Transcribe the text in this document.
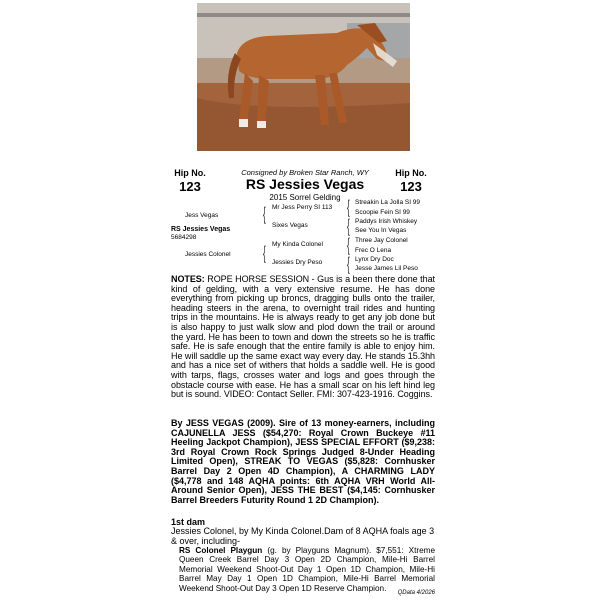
Hip No.
123
Hip No.
123
Consigned by Broken Star Ranch, WY
RS Jessies Vegas
2015 Sorrel Gelding
Jess Vegas
RS Jessies Vegas
5684298
Jessies Colonel
{ Mr Jess Perry SI 113
Sixes Vegas
{ My Kinda Colonel
Jessies Dry Peso
{ Streakin La Jolla SI 99
Scoopie Fein SI 99
{ Paddys Irish Whiskey
See You In Vegas
{ Three Jay Colonel
Frec O Lena
{ Lynx Dry Doc
Jesse James Lil Peso
NOTES: ROPE HORSE SESSION - Gus is a been there done that kind of gelding, with a very extensive resume. He has done everything from picking up broncs, dragging bulls onto the trailer, heading steers in the arena, to overnight trail rides and hunting trips in the mountains. He is always ready to get any job done but is also happy to just walk slow and plod down the trail or around the yard. He has been to town and down the streets so he is traffic safe. He is safe enough that the entire family is able to enjoy him. He will saddle up the same exact way every day. He stands 15.3hh and has a nice set of withers that holds a saddle well. He is good with tarps, flags, crosses water and logs and goes through the obstacle course with ease. He has a small scar on his left hind leg but is sound. VIDEO: Contact Seller. FMI: 307-423-1916. Coggins.
By JESS VEGAS (2009). Sire of 13 money-earners, including CAJUNELLA JESS ($54,270: Royal Crown Buckeye #11 Heeling Jackpot Champion), JESS SPECIAL EFFORT ($9,238: 3rd Royal Crown Rock Springs Judged 8-Under Heading Limited Open), STREAK TO VEGAS ($5,828: Cornhusker Barrel Day 2 Open 4D Champion), A CHARMING LADY ($4,778 and 148 AQHA points: 6th AQHA VRH World All-Around Senior Open), JESS THE BEST ($4,145: Cornhusker Barrel Breeders Futurity Round 1 2D Champion).
1st dam
Jessies Colonel, by My Kinda Colonel.Dam of 8 AQHA foals age 3 & over, including-
RS Colonel Playgun (g. by Playguns Magnum). $7,551: Xtreme Queen Creek Barrel Day 3 Open 2D Champion, Mile-Hi Barrel Memorial Weekend Shoot-Out Day 1 Open 1D Champion, Mile-Hi Barrel May Day 1 Open 1D Champion, Mile-Hi Barrel Memorial Weekend Shoot-Out Day 3 Open 1D Reserve Champion.
QData 4/2026
